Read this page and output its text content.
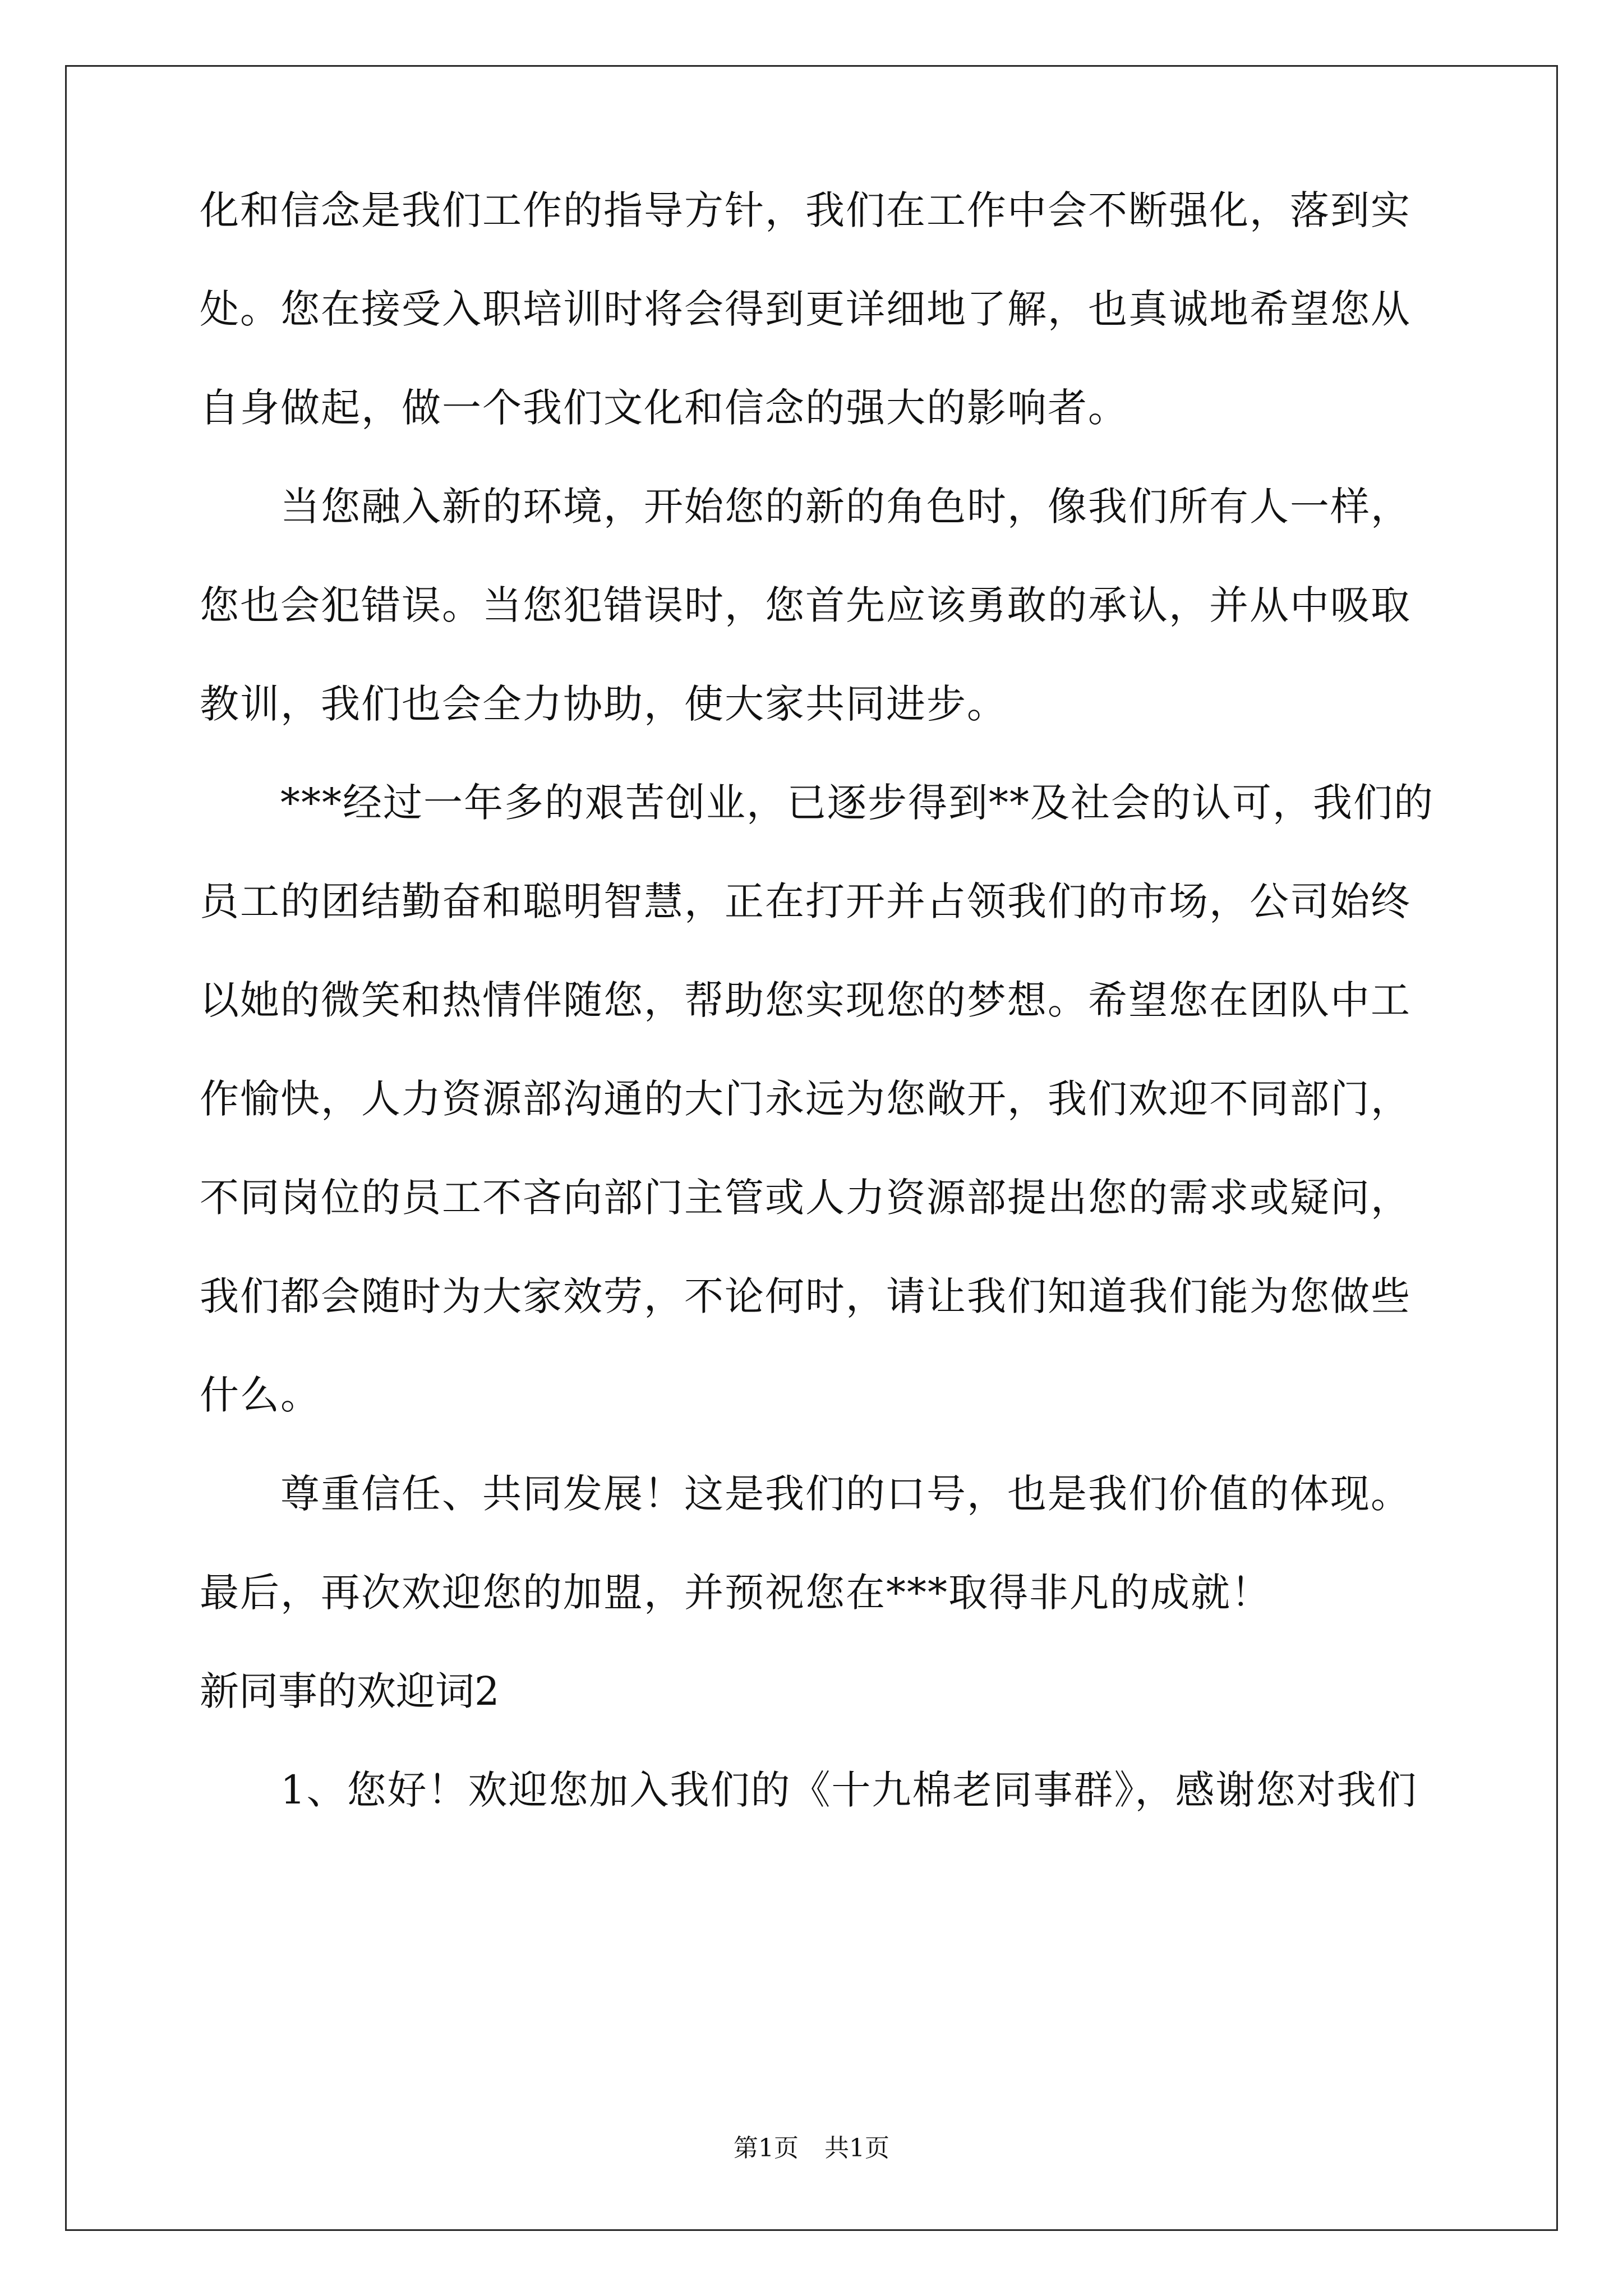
化和信念是我们工作的指导方针，我们在工作中会不断强化，落到实
处。您在接受入职培训时将会得到更详细地了解，也真诚地希望您从
自身做起，做一个我们文化和信念的强大的影响者。
当您融入新的环境，开始您的新的角色时，像我们所有人一样，
您也会犯错误。当您犯错误时，您首先应该勇敢的承认，并从中吸取
教训，我们也会全力协助，使大家共同进步。
***经过一年多的艰苦创业，已逐步得到**及社会的认可，我们的
员工的团结勤奋和聪明智慧，正在打开并占领我们的市场，公司始终
以她的微笑和热情伴随您，帮助您实现您的梦想。希望您在团队中工
作愉快，人力资源部沟通的大门永远为您敞开，我们欢迎不同部门，
不同岗位的员工不吝向部门主管或人力资源部提出您的需求或疑问，
我们都会随时为大家效劳，不论何时，请让我们知道我们能为您做些
什么。
尊重信任、共同发展！这是我们的口号，也是我们价值的体现。
最后，再次欢迎您的加盟，并预祝您在***取得非凡的成就！
新同事的欢迎词2
1、您好！欢迎您加入我们的《十九棉老同事群》，感谢您对我们
第1页 共1页
